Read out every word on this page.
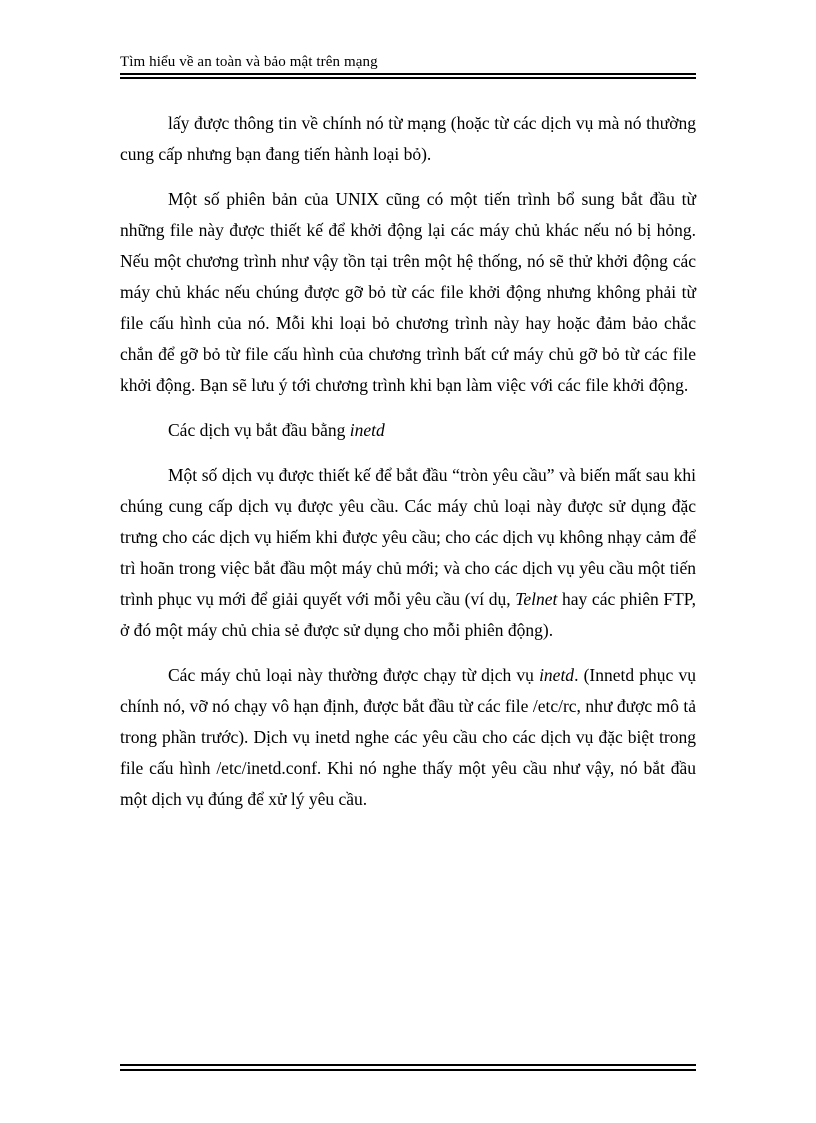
Tìm hiểu về an toàn và bảo mật trên mạng

lấy được thông tin về chính nó từ mạng (hoặc từ các dịch vụ mà nó thường cung cấp nhưng bạn đang tiến hành loại bỏ).

Một số phiên bản của UNIX cũng có một tiến trình bổ sung bắt đầu từ những file này được thiết kế để khởi động lại các máy chủ khác nếu nó bị hỏng. Nếu một chương trình như vậy tồn tại trên một hệ thống, nó sẽ thử khởi động các máy chủ khác nếu chúng được gỡ bỏ từ các file khởi động nhưng không phải từ file cấu hình của nó. Mỗi khi loại bỏ chương trình này hay hoặc đảm bảo chắc chắn để gỡ bỏ từ file cấu hình của chương trình bất cứ máy chủ gỡ bỏ từ các file khởi động. Bạn sẽ lưu ý tới chương trình khi bạn làm việc với các file khởi động.

Các dịch vụ bắt đầu bằng inetd

Một số dịch vụ được thiết kế để bắt đầu “tròn yêu cầu” và biến mất sau khi chúng cung cấp dịch vụ được yêu cầu. Các máy chủ loại này được sử dụng đặc trưng cho các dịch vụ hiếm khi được yêu cầu; cho các dịch vụ không nhạy cảm để trì hoãn trong việc bắt đầu một máy chủ mới; và cho các dịch vụ yêu cầu một tiến trình phục vụ mới để giải quyết với mỗi yêu cầu (ví dụ, Telnet hay các phiên FTP, ở đó một máy chủ chia sẻ được sử dụng cho mỗi phiên động).

Các máy chủ loại này thường được chạy từ dịch vụ inetd. (Innetd phục vụ chính nó, vỡ nó chạy vô hạn định, được bắt đầu từ các file /etc/rc, như được mô tả trong phần trước). Dịch vụ inetd nghe các yêu cầu cho các dịch vụ đặc biệt trong file cấu hình /etc/inetd.conf. Khi nó nghe thấy một yêu cầu như vậy, nó bắt đầu một dịch vụ đúng để xử lý yêu cầu.
